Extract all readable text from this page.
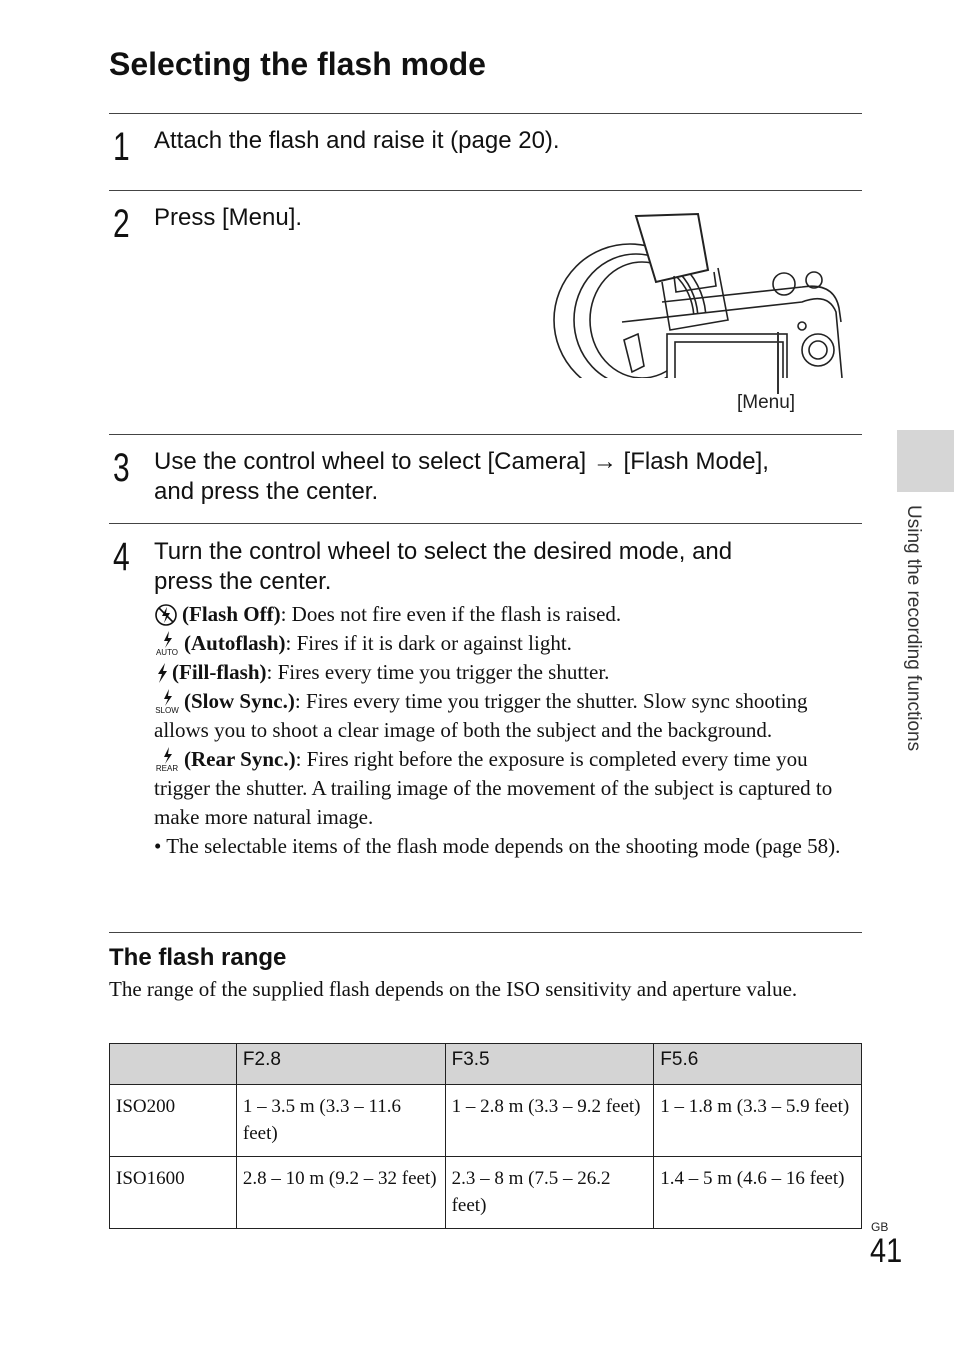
Selecting the flash mode
1 Attach the flash and raise it (page 20).

2 Press [Menu].

[Menu]
3 Use the control wheel to select [Camera] → [Flash Mode],
and press the center.

4 Turn the control wheel to select the desired mode, and
press the center.

(Flash Off): Does not fire even if the flash is raised.

AUTO (Autoflash): Fires if it is dark or against light.

(Fill-flash): Fires every time you trigger the shutter.

SLOW (Slow Sync.): Fires every time you trigger the shutter. Slow sync shooting allows you to shoot a clear image of both the subject and the background.

REAR (Rear Sync.): Fires right before the exposure is completed every time you trigger the shutter. A trailing image of the movement of the subject is captured to make more natural image.

• The selectable items of the flash mode depends on the shooting mode (page 58).

The flash range

The range of the supplied flash depends on the ISO sensitivity and aperture value.

	F2.8	F3.5	F5.6
ISO200	1 – 3.5 m (3.3 – 11.6 feet)	1 – 2.8 m (3.3 – 9.2 feet)	1 – 1.8 m (3.3 – 5.9 feet)
ISO1600	2.8 – 10 m (9.2 – 32 feet)	2.3 – 8 m (7.5 – 26.2 feet)	1.4 – 5 m (4.6 – 16 feet)
Using the recording functions
GB
41
